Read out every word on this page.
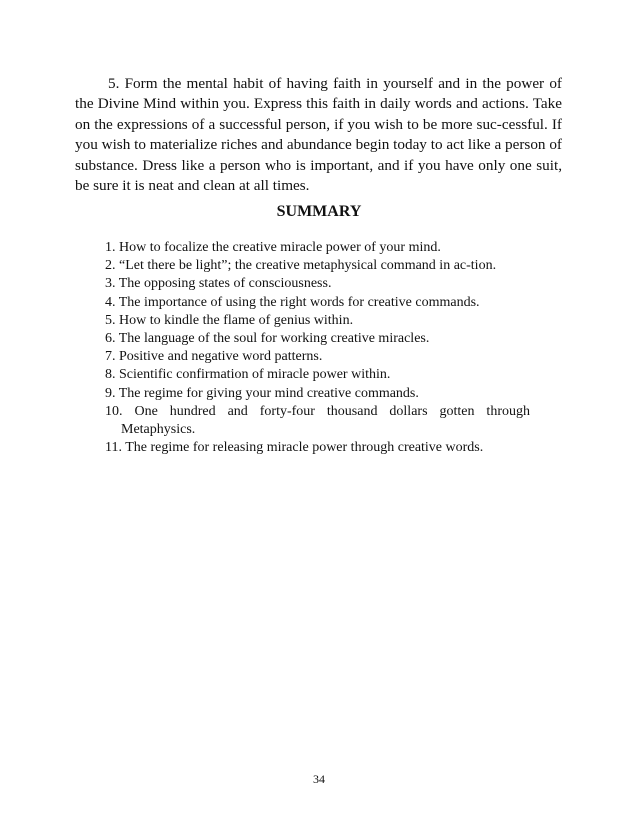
5. Form the mental habit of having faith in yourself and in the power of the Divine Mind within you. Express this faith in daily words and actions. Take on the expressions of a successful person, if you wish to be more suc-cessful. If you wish to materialize riches and abundance begin today to act like a person of substance. Dress like a person who is important, and if you have only one suit, be sure it is neat and clean at all times.

SUMMARY
1. How to focalize the creative miracle power of your mind.
2. “Let there be light”; the creative metaphysical command in ac-tion.
3. The opposing states of consciousness.
4. The importance of using the right words for creative commands.
5. How to kindle the flame of genius within.
6. The language of the soul for working creative miracles.
7. Positive and negative word patterns.
8. Scientific confirmation of miracle power within.
9. The regime for giving your mind creative commands.
10. One hundred and forty-four thousand dollars gotten through Metaphysics.
11. The regime for releasing miracle power through creative words.
34
